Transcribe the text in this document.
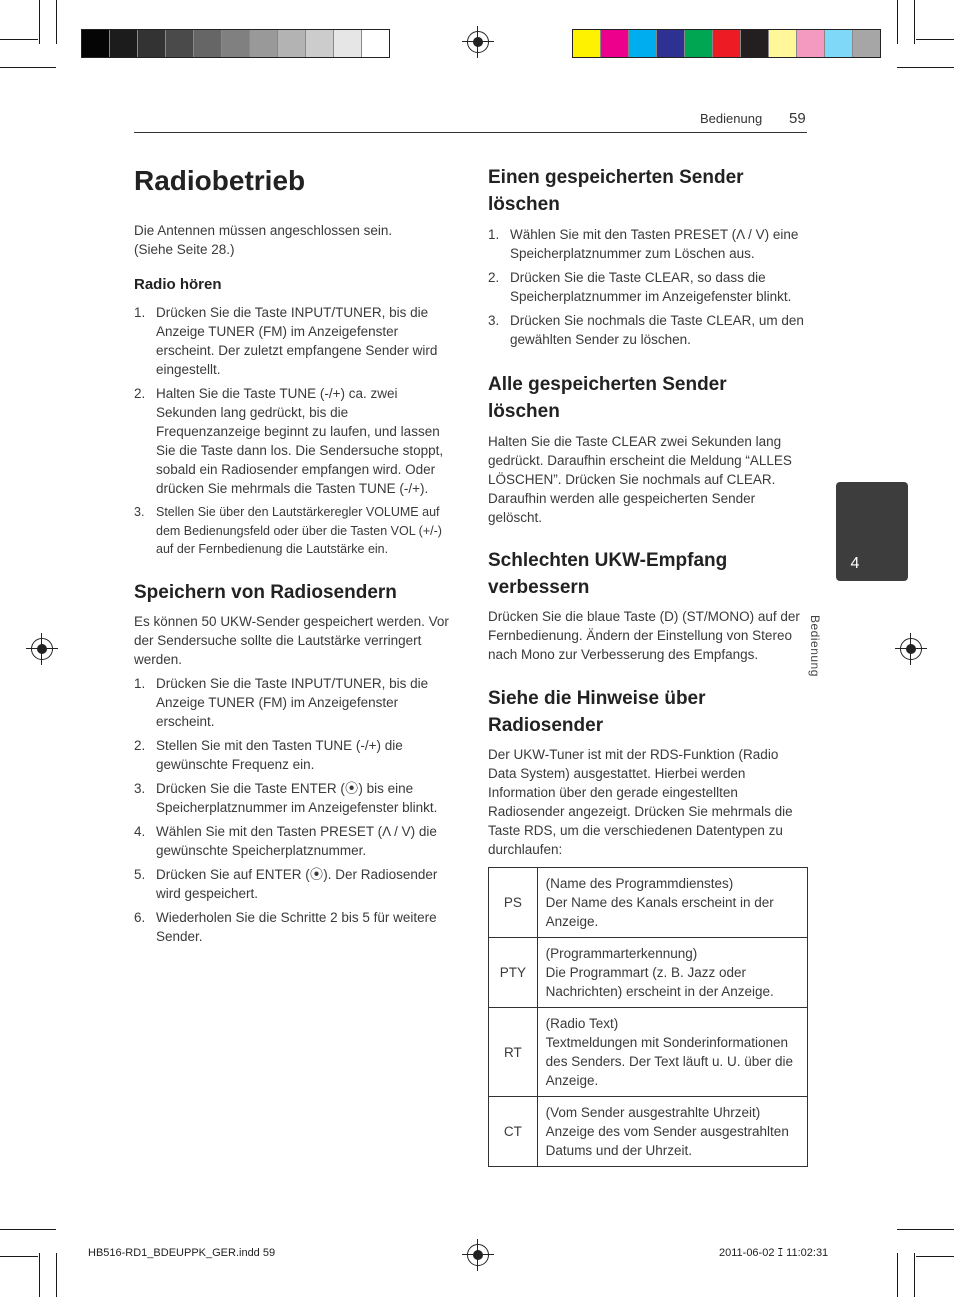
Bedienung 59
Radiobetrieb
Die Antennen müssen angeschlossen sein.
(Siehe Seite 28.)
Radio hören
1. Drücken Sie die Taste INPUT/TUNER, bis die Anzeige TUNER (FM) im Anzeigefenster erscheint. Der zuletzt empfangene Sender wird eingestellt.
2. Halten Sie die Taste TUNE (-/+) ca. zwei Sekunden lang gedrückt, bis die Frequenzanzeige beginnt zu laufen, und lassen Sie die Taste dann los. Die Sendersuche stoppt, sobald ein Radiosender empfangen wird. Oder drücken Sie mehrmals die Tasten TUNE (-/+).
3. Stellen Sie über den Lautstärkeregler VOLUME auf dem Bedienungsfeld oder über die Tasten VOL (+/-) auf der Fernbedienung die Lautstärke ein.
Speichern von Radiosendern
Es können 50 UKW-Sender gespeichert werden. Vor der Sendersuche sollte die Lautstärke verringert werden.
1. Drücken Sie die Taste INPUT/TUNER, bis die Anzeige TUNER (FM) im Anzeigefenster erscheint.
2. Stellen Sie mit den Tasten TUNE (-/+) die gewünschte Frequenz ein.
3. Drücken Sie die Taste ENTER (⦿) bis eine Speicherplatznummer im Anzeigefenster blinkt.
4. Wählen Sie mit den Tasten PRESET (Λ / V) die gewünschte Speicherplatznummer.
5. Drücken Sie auf ENTER (⦿). Der Radiosender wird gespeichert.
6. Wiederholen Sie die Schritte 2 bis 5 für weitere Sender.
Einen gespeicherten Sender
löschen
1. Wählen Sie mit den Tasten PRESET (Λ / V) eine Speicherplatznummer zum Löschen aus.
2. Drücken Sie die Taste CLEAR, so dass die Speicherplatznummer im Anzeigefenster blinkt.
3. Drücken Sie nochmals die Taste CLEAR, um den gewählten Sender zu löschen.
Alle gespeicherten Sender
löschen
Halten Sie die Taste CLEAR zwei Sekunden lang gedrückt. Daraufhin erscheint die Meldung “ALLES LÖSCHEN”. Drücken Sie nochmals auf CLEAR. Daraufhin werden alle gespeicherten Sender gelöscht.
Schlechten UKW-Empfang
verbessern
Drücken Sie die blaue Taste (D) (ST/MONO) auf der Fernbedienung. Ändern der Einstellung von Stereo nach Mono zur Verbesserung des Empfangs.
Siehe die Hinweise über
Radiosender
Der UKW-Tuner ist mit der RDS-Funktion (Radio Data System) ausgestattet. Hierbei werden Information über den gerade eingestellten Radiosender angezeigt. Drücken Sie mehrmals die Taste RDS, um die verschiedenen Datentypen zu durchlaufen:
PS	(Name des Programmdienstes)
Der Name des Kanals erscheint in der Anzeige.

PTY	(Programmarterkennung)
Die Programmart (z. B. Jazz oder Nachrichten) erscheint in der Anzeige.

RT	(Radio Text)
Textmeldungen mit Sonderinformationen des Senders. Der Text läuft u. U. über die Anzeige.

CT	(Vom Sender ausgestrahlte Uhrzeit)
Anzeige des vom Sender ausgestrahlten Datums und der Uhrzeit.
4
Bedienung
HB516-RD1_BDEUPPK_GER.indd 59	2011-06-02 ꕯ 11:02:31
